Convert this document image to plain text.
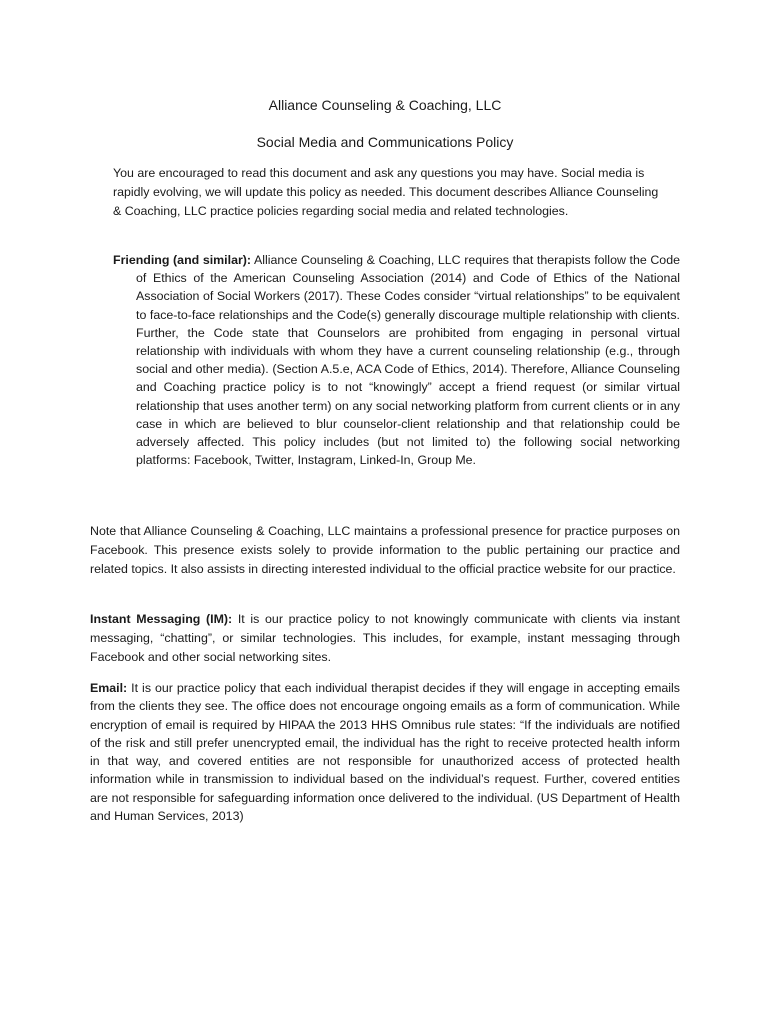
Alliance Counseling & Coaching, LLC
Social Media and Communications Policy

You are encouraged to read this document and ask any questions you may have. Social media is rapidly evolving, we will update this policy as needed. This document describes Alliance Counseling & Coaching, LLC practice policies regarding social media and related technologies.

Friending (and similar): Alliance Counseling & Coaching, LLC requires that therapists follow the Code of Ethics of the American Counseling Association (2014) and Code of Ethics of the National Association of Social Workers (2017). These Codes consider “virtual relationships” to be equivalent to face-to-face relationships and the Code(s) generally discourage multiple relationship with clients. Further, the Code state that Counselors are prohibited from engaging in personal virtual relationship with individuals with whom they have a current counseling relationship (e.g., through social and other media). (Section A.5.e, ACA Code of Ethics, 2014). Therefore, Alliance Counseling and Coaching practice policy is to not “knowingly” accept a friend request (or similar virtual relationship that uses another term) on any social networking platform from current clients or in any case in which are believed to blur counselor-client relationship and that relationship could be adversely affected. This policy includes (but not limited to) the following social networking platforms: Facebook, Twitter, Instagram, Linked-In, Group Me.

Note that Alliance Counseling & Coaching, LLC maintains a professional presence for practice purposes on Facebook. This presence exists solely to provide information to the public pertaining our practice and related topics. It also assists in directing interested individual to the official practice website for our practice.

Instant Messaging (IM): It is our practice policy to not knowingly communicate with clients via instant messaging, “chatting”, or similar technologies. This includes, for example, instant messaging through Facebook and other social networking sites.

Email: It is our practice policy that each individual therapist decides if they will engage in accepting emails from the clients they see. The office does not encourage ongoing emails as a form of communication. While encryption of email is required by HIPAA the 2013 HHS Omnibus rule states: “If the individuals are notified of the risk and still prefer unencrypted email, the individual has the right to receive protected health inform in that way, and covered entities are not responsible for unauthorized access of protected health information while in transmission to individual based on the individual’s request. Further, covered entities are not responsible for safeguarding information once delivered to the individual. (US Department of Health and Human Services, 2013)
